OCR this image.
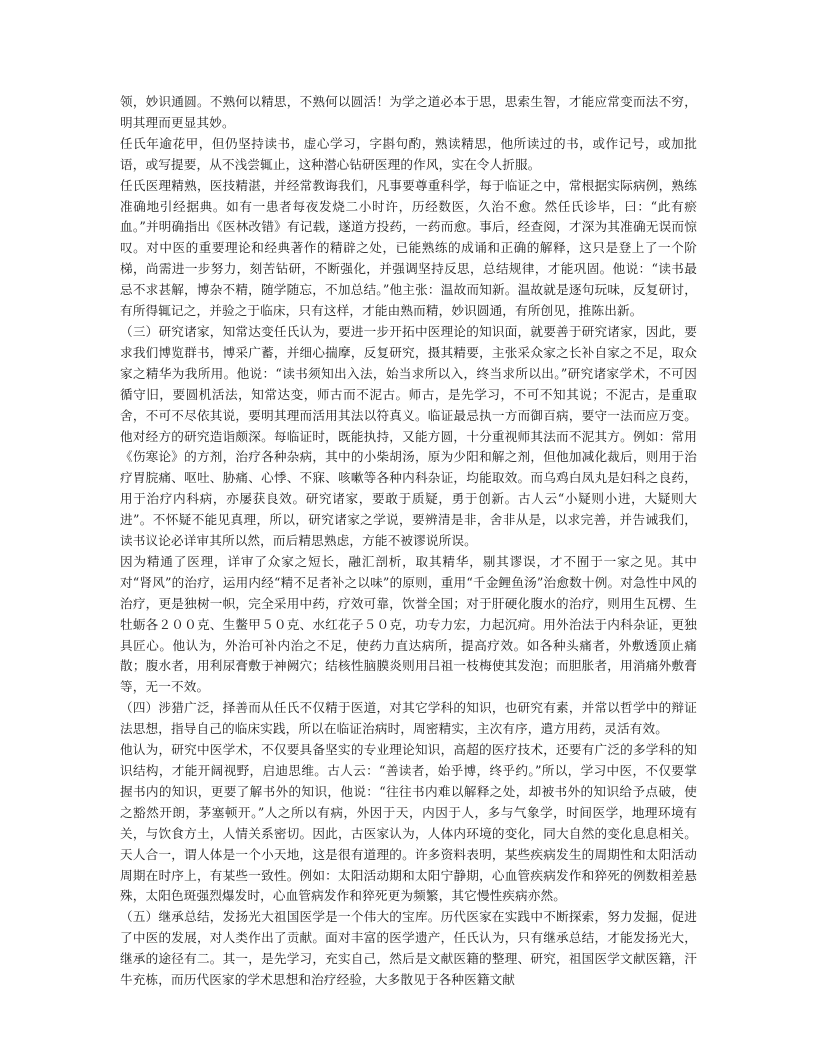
领，妙识通圆。不熟何以精思，不熟何以圆活！为学之道必本于思，思索生智，才能应常变而法不穷，明其理而更显其妙。

任氏年逾花甲，但仍坚持读书，虚心学习，字斟句酌，熟读精思，他所读过的书，或作记号，或加批语，或写提要，从不浅尝辄止，这种潜心钻研医理的作风，实在令人折服。

任氏医理精熟，医技精湛，并经常教诲我们，凡事要尊重科学，每于临证之中，常根据实际病例，熟练准确地引经据典。如有一患者每夜发烧二小时许，历经数医，久治不愈。然任氏诊毕，曰：“此有瘀血。”并明确指出《医林改错》有记载，遂道方投药，一药而愈。事后，经查阅，才深为其准确无误而惊叹。对中医的重要理论和经典著作的精辟之处，已能熟练的成诵和正确的解释，这只是登上了一个阶梯，尚需进一步努力，刻苦钻研，不断强化，并强调坚持反思，总结规律，才能巩固。他说：“读书最忌不求甚解，博杂不精，随学随忘，不加总结。”他主张：温故而知新。温故就是逐句玩味，反复研讨，有所得辄记之，并验之于临床，只有这样，才能由熟而精，妙识圆通，有所创见，推陈出新。

（三）研究诸家，知常达变任氏认为，要进一步开拓中医理论的知识面，就要善于研究诸家，因此，要求我们博览群书，博采广蓄，并细心揣摩，反复研究，摄其精要，主张采众家之长补自家之不足，取众家之精华为我所用。他说：“读书须知出入法，始当求所以入，终当求所以出。”研究诸家学术，不可因循守旧，要圆机活法，知常达变，师古而不泥古。师古，是先学习，不可不知其说；不泥古，是重取舍，不可不尽依其说，要明其理而活用其法以符真义。临证最忌执一方而御百病，要守一法而应万变。他对经方的研究造诣颇深。每临证时，既能执持，又能方圆，十分重视师其法而不泥其方。例如：常用《伤寒论》的方剂，治疗各种杂病，其中的小柴胡汤，原为少阳和解之剂，但他加减化裁后，则用于治疗胃脘痛、呕吐、胁痛、心悸、不寐、咳嗽等各种内科杂证，均能取效。而乌鸡白凤丸是妇科之良药，用于治疗内科病，亦屡获良效。研究诸家，要敢于质疑，勇于创新。古人云“小疑则小进，大疑则大进”。不怀疑不能见真理，所以，研究诸家之学说，要辨清是非，舍非从是，以求完善，并告诫我们，读书议论必详审其所以然，而后精思熟虑，方能不被谬说所误。

因为精通了医理，详审了众家之短长，融汇剖析，取其精华，剔其谬误，才不囿于一家之见。其中对“肾风”的治疗，运用内经“精不足者补之以味”的原则，重用“千金鲤鱼汤”治愈数十例。对急性中风的治疗，更是独树一帜，完全采用中药，疗效可靠，饮誉全国；对于肝硬化腹水的治疗，则用生瓦楞、生牡蛎各２００克、生鳖甲５０克、水红花子５０克，功专力宏，力起沉疴。用外治法于内科杂证，更独具匠心。他认为，外治可补内治之不足，使药力直达病所，提高疗效。如各种头痛者，外敷透顶止痛散；腹水者，用利尿膏敷于神阙穴；结核性脑膜炎则用吕祖一枝梅使其发泡；而胆胀者，用消痛外敷膏等，无一不效。

（四）涉猎广泛，择善而从任氏不仅精于医道，对其它学科的知识，也研究有素，并常以哲学中的辩证法思想，指导自己的临床实践，所以在临证治病时，周密精实，主次有序，遣方用药，灵活有效。

他认为，研究中医学术，不仅要具备坚实的专业理论知识，高超的医疗技术，还要有广泛的多学科的知识结构，才能开阔视野，启迪思维。古人云：“善读者，始乎博，终乎约。”所以，学习中医，不仅要掌握书内的知识，更要了解书外的知识，他说：“往往书内难以解释之处，却被书外的知识给予点破，使之豁然开朗，茅塞顿开。”人之所以有病，外因于天，内因于人，多与气象学，时间医学，地理环境有关，与饮食方土，人情关系密切。因此，古医家认为，人体内环境的变化，同大自然的变化息息相关。天人合一，谓人体是一个小天地，这是很有道理的。许多资料表明，某些疾病发生的周期性和太阳活动周期在时序上，有某些一致性。例如：太阳活动期和太阳宁静期，心血管疾病发作和猝死的例数相差悬殊，太阳色斑强烈爆发时，心血管病发作和猝死更为频繁，其它慢性疾病亦然。

（五）继承总结，发扬光大祖国医学是一个伟大的宝库。历代医家在实践中不断探索，努力发掘，促进了中医的发展，对人类作出了贡献。面对丰富的医学遗产，任氏认为，只有继承总结，才能发扬光大，继承的途径有二。其一，是先学习，充实自己，然后是文献医籍的整理、研究，祖国医学文献医籍，汗牛充栋，而历代医家的学术思想和治疗经验，大多散见于各种医籍文献
